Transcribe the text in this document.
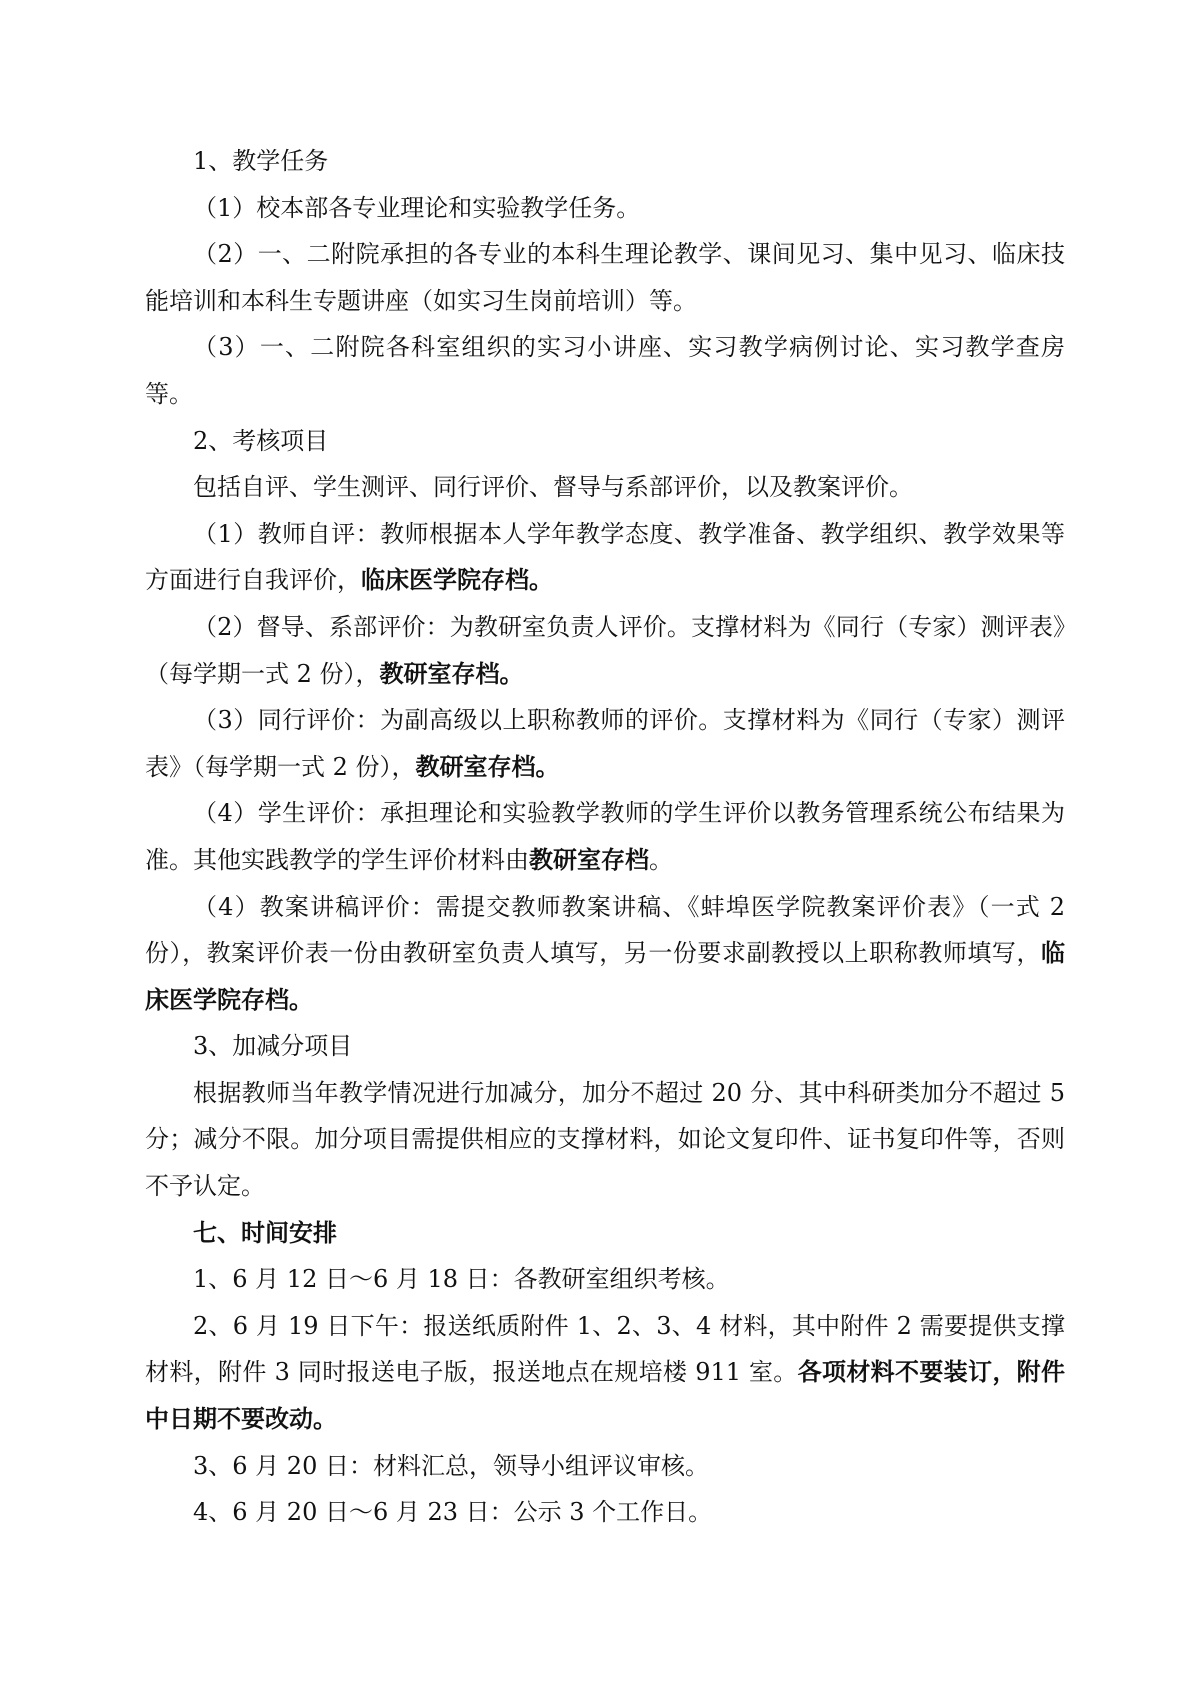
1、教学任务

（1）校本部各专业理论和实验教学任务。

（2）一、二附院承担的各专业的本科生理论教学、课间见习、集中见习、临床技能培训和本科生专题讲座（如实习生岗前培训）等。

（3）一、二附院各科室组织的实习小讲座、实习教学病例讨论、实习教学查房等。

2、考核项目

包括自评、学生测评、同行评价、督导与系部评价，以及教案评价。

（1）教师自评：教师根据本人学年教学态度、教学准备、教学组织、教学效果等方面进行自我评价，临床医学院存档。

（2）督导、系部评价：为教研室负责人评价。支撑材料为《同行（专家）测评表》（每学期一式 2 份），教研室存档。

（3）同行评价：为副高级以上职称教师的评价。支撑材料为《同行（专家）测评表》（每学期一式 2 份），教研室存档。

（4）学生评价：承担理论和实验教学教师的学生评价以教务管理系统公布结果为准。其他实践教学的学生评价材料由教研室存档。

（4）教案讲稿评价：需提交教师教案讲稿、《蚌埠医学院教案评价表》（一式 2 份），教案评价表一份由教研室负责人填写，另一份要求副教授以上职称教师填写，临床医学院存档。

3、加减分项目

根据教师当年教学情况进行加减分，加分不超过 20 分、其中科研类加分不超过 5 分；减分不限。加分项目需提供相应的支撑材料，如论文复印件、证书复印件等，否则不予认定。

七、时间安排

1、6 月 12 日～6 月 18 日：各教研室组织考核。

2、6 月 19 日下午：报送纸质附件 1、2、3、4 材料，其中附件 2 需要提供支撑材料，附件 3 同时报送电子版，报送地点在规培楼 911 室。各项材料不要装订，附件中日期不要改动。

3、6 月 20 日：材料汇总，领导小组评议审核。

4、6 月 20 日～6 月 23 日：公示 3 个工作日。
